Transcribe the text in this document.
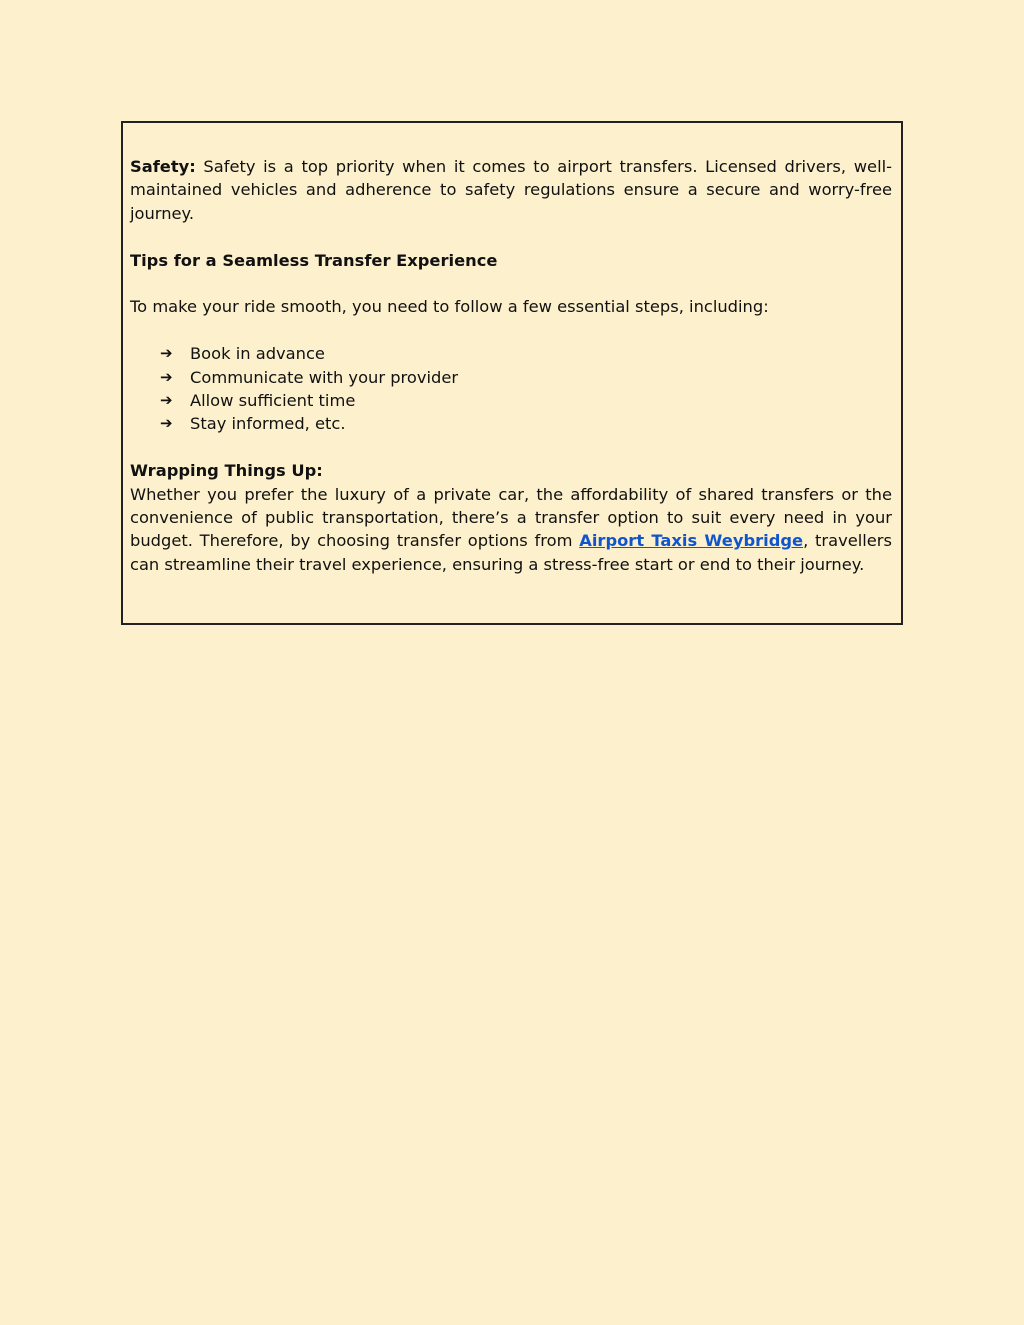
Safety: Safety is a top priority when it comes to airport transfers. Licensed drivers, well-maintained vehicles and adherence to safety regulations ensure a secure and worry-free journey.

Tips for a Seamless Transfer Experience

To make your ride smooth, you need to follow a few essential steps, including:

➔	Book in advance
➔	Communicate with your provider
➔	Allow sufficient time
➔	Stay informed, etc.

Wrapping Things Up:

Whether you prefer the luxury of a private car, the affordability of shared transfers or the convenience of public transportation, there’s a transfer option to suit every need in your budget. Therefore, by choosing transfer options from Airport Taxis Weybridge, travellers can streamline their travel experience, ensuring a stress-free start or end to their journey.
